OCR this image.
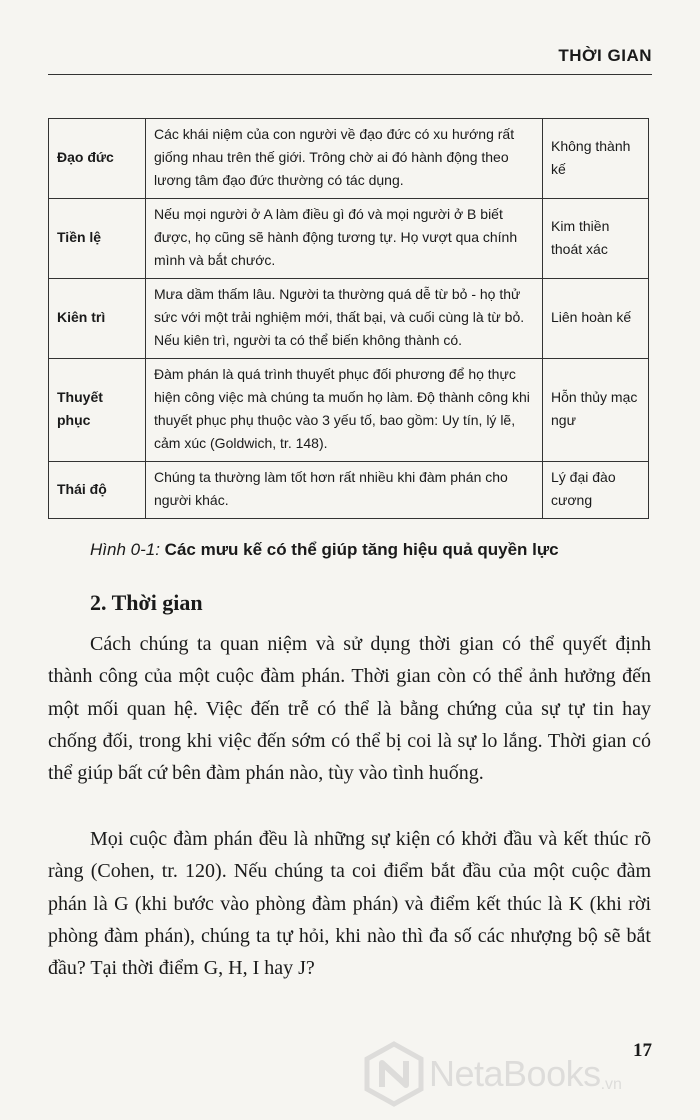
THỜI GIAN
Đạo đức	Các khái niệm của con người về đạo đức có xu hướng rất giống nhau trên thế giới. Trông chờ ai đó hành động theo lương tâm đạo đức thường có tác dụng.	Không thành kế
Tiền lệ	Nếu mọi người ở A làm điều gì đó và mọi người ở B biết được, họ cũng sẽ hành động tương tự. Họ vượt qua chính mình và bắt chước.	Kim thiền thoát xác
Kiên trì	Mưa dầm thấm lâu. Người ta thường quá dễ từ bỏ - họ thử sức với một trải nghiệm mới, thất bại, và cuối cùng là từ bỏ. Nếu kiên trì, người ta có thể biến không thành có.	Liên hoàn kế
Thuyết phục	Đàm phán là quá trình thuyết phục đối phương để họ thực hiện công việc mà chúng ta muốn họ làm. Độ thành công khi thuyết phục phụ thuộc vào 3 yếu tố, bao gồm: Uy tín, lý lẽ, cảm xúc (Goldwich, tr. 148).	Hỗn thủy mạc ngư
Thái độ	Chúng ta thường làm tốt hơn rất nhiều khi đàm phán cho người khác.	Lý đại đào cương
Hình 0-1: Các mưu kế có thể giúp tăng hiệu quả quyền lực
2. Thời gian

Cách chúng ta quan niệm và sử dụng thời gian có thể quyết định thành công của một cuộc đàm phán. Thời gian còn có thể ảnh hưởng đến một mối quan hệ. Việc đến trễ có thể là bằng chứng của sự tự tin hay chống đối, trong khi việc đến sớm có thể bị coi là sự lo lắng. Thời gian có thể giúp bất cứ bên đàm phán nào, tùy vào tình huống.

Mọi cuộc đàm phán đều là những sự kiện có khởi đầu và kết thúc rõ ràng (Cohen, tr. 120). Nếu chúng ta coi điểm bắt đầu của một cuộc đàm phán là G (khi bước vào phòng đàm phán) và điểm kết thúc là K (khi rời phòng đàm phán), chúng ta tự hỏi, khi nào thì đa số các nhượng bộ sẽ bắt đầu? Tại thời điểm G, H, I hay J?

17
NetaBooks .vn
